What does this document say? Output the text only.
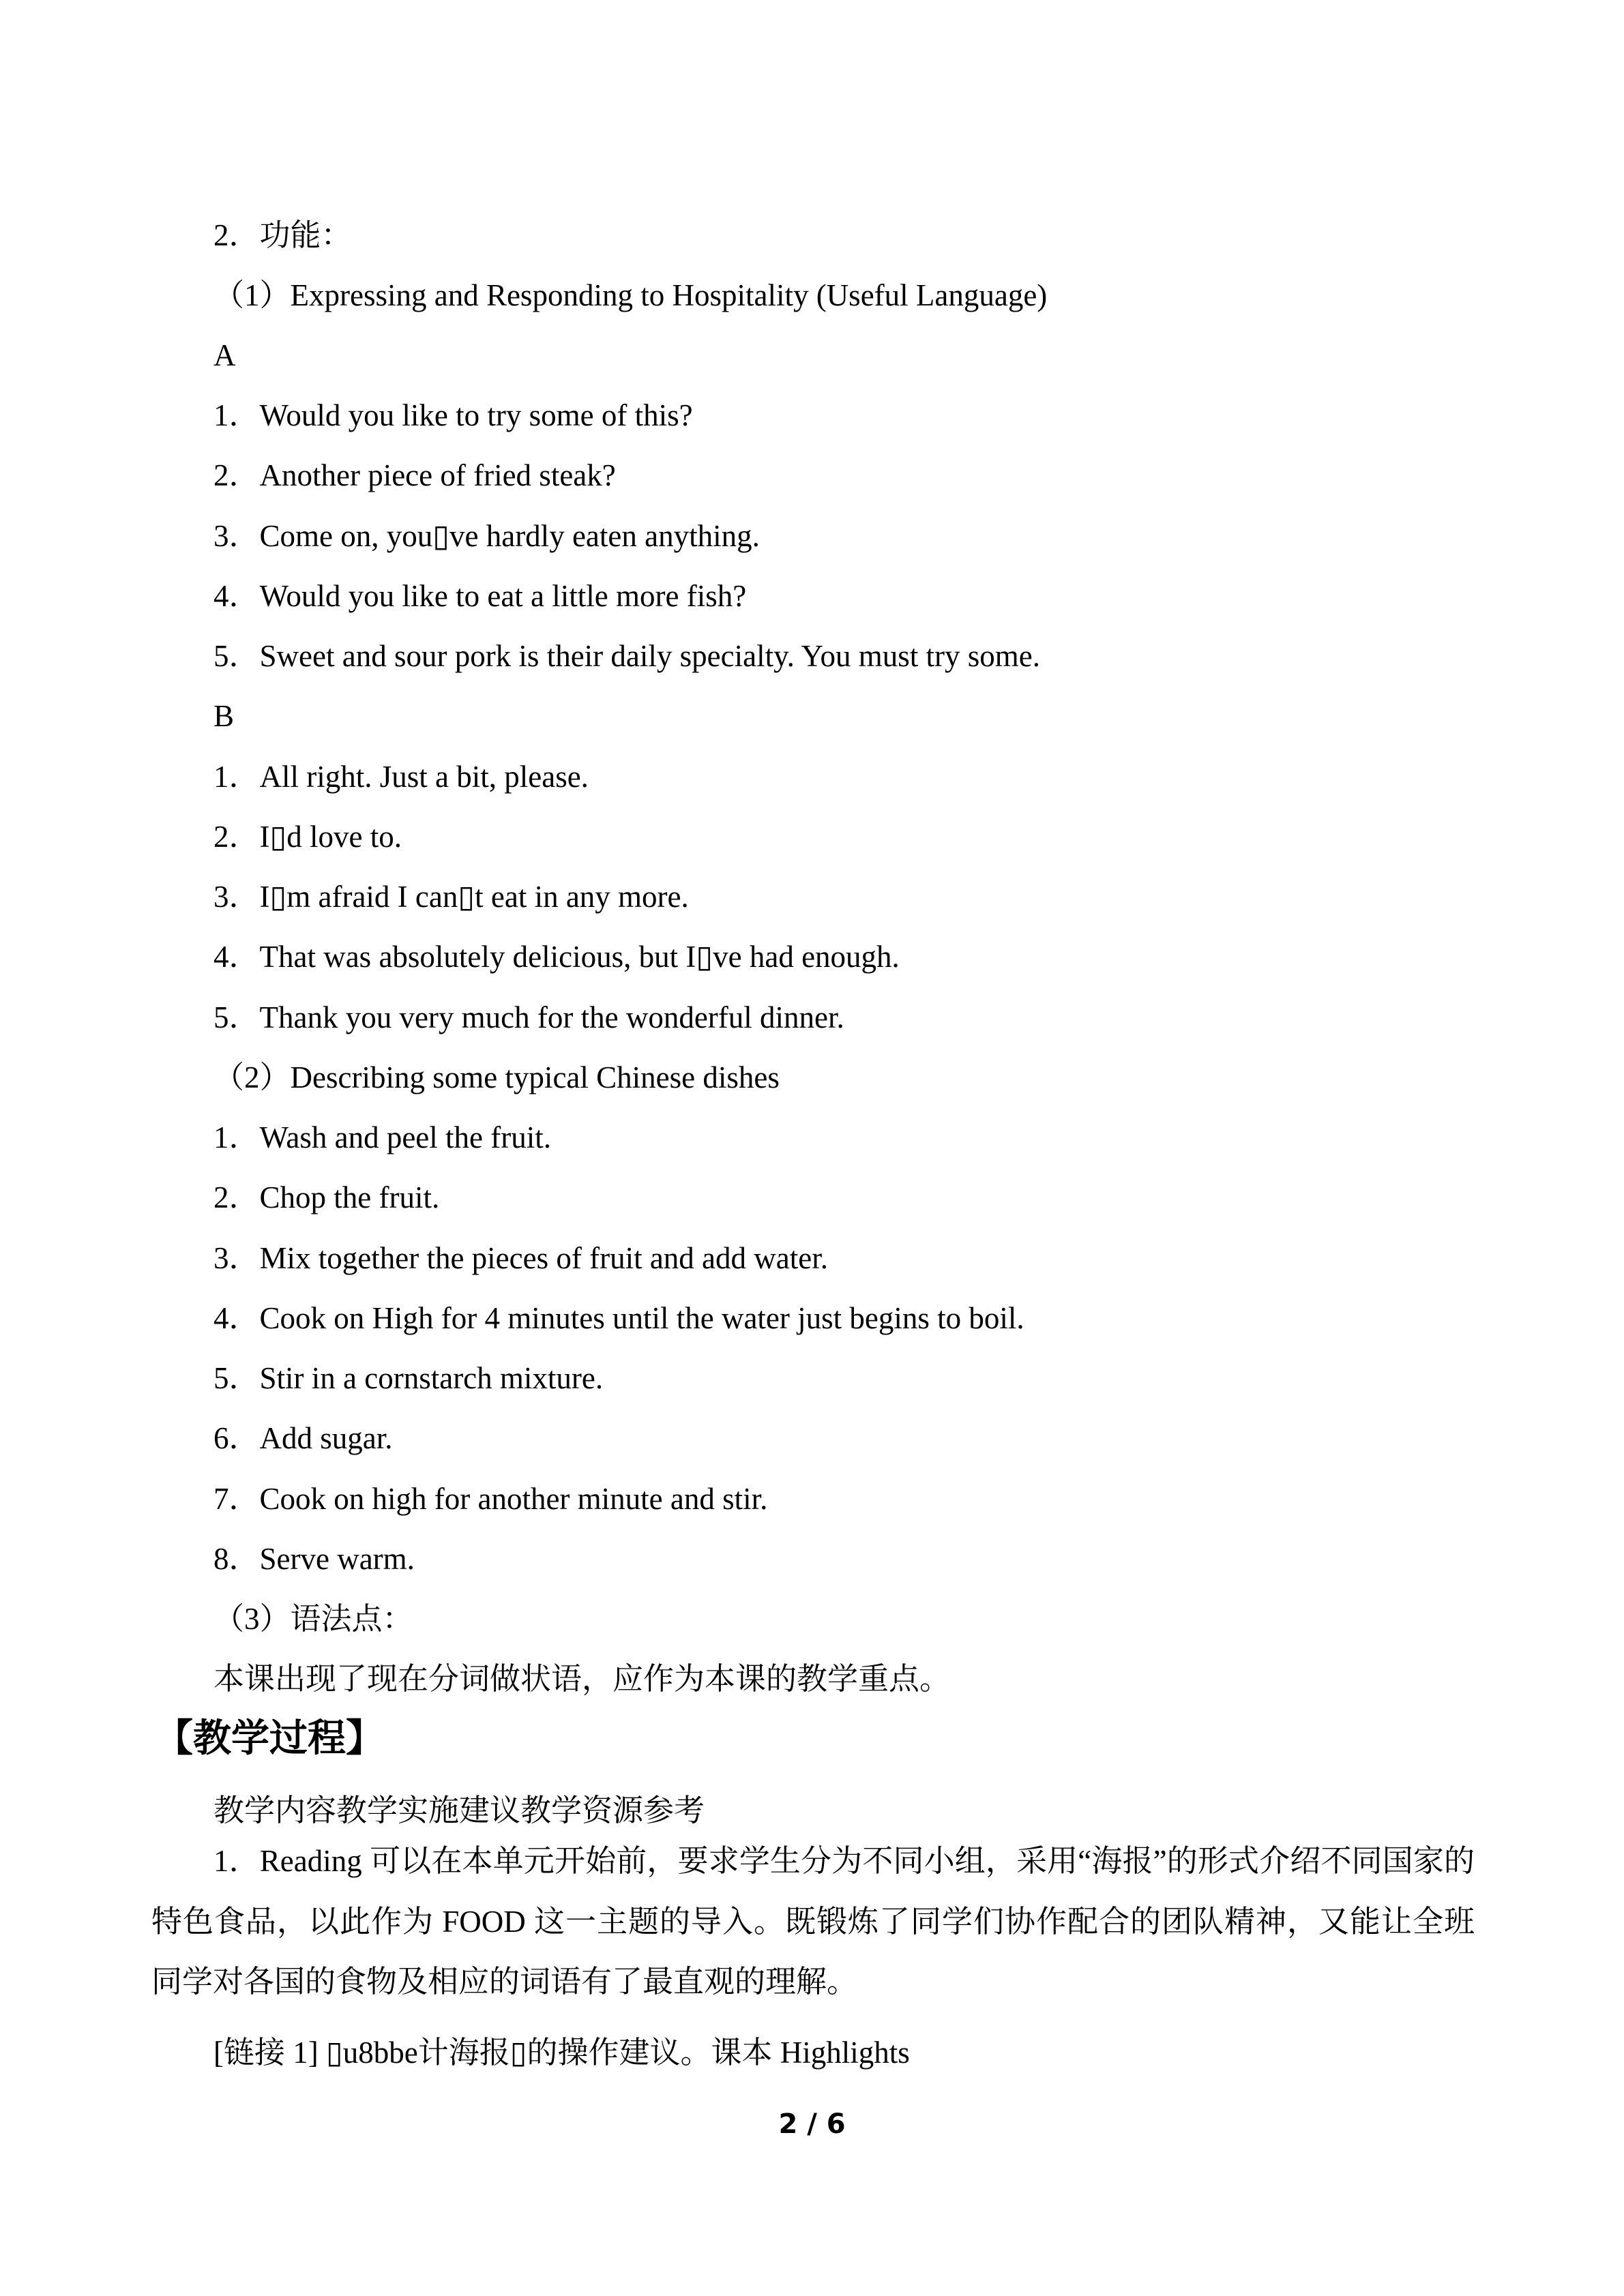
2．功能：
（1）Expressing and Responding to Hospitality (Useful Language)
A
1．Would you like to try some of this?
2．Another piece of fried steak?
3．Come on, you▯ve hardly eaten anything.
4．Would you like to eat a little more fish?
5．Sweet and sour pork is their daily specialty. You must try some.
B
1．All right. Just a bit, please.
2．I▯d love to.
3．I▯m afraid I can▯t eat in any more.
4．That was absolutely delicious, but I▯ve had enough.
5．Thank you very much for the wonderful dinner.
（2）Describing some typical Chinese dishes
1．Wash and peel the fruit.
2．Chop the fruit.
3．Mix together the pieces of fruit and add water.
4．Cook on High for 4 minutes until the water just begins to boil.
5．Stir in a cornstarch mixture.
6．Add sugar.
7．Cook on high for another minute and stir.
8．Serve warm.
（3）语法点：
本课出现了现在分词做状语，应作为本课的教学重点。
【教学过程】
教学内容教学实施建议教学资源参考
1．Reading 可以在本单元开始前，要求学生分为不同小组，采用“海报”的形式介绍不同国家的特色食品，以此作为 FOOD 这一主题的导入。既锻炼了同学们协作配合的团队精神，又能让全班同学对各国的食物及相应的词语有了最直观的理解。
[链接 1] ▯u8bbe计海报▯的操作建议。课本 Highlights
2 / 6
